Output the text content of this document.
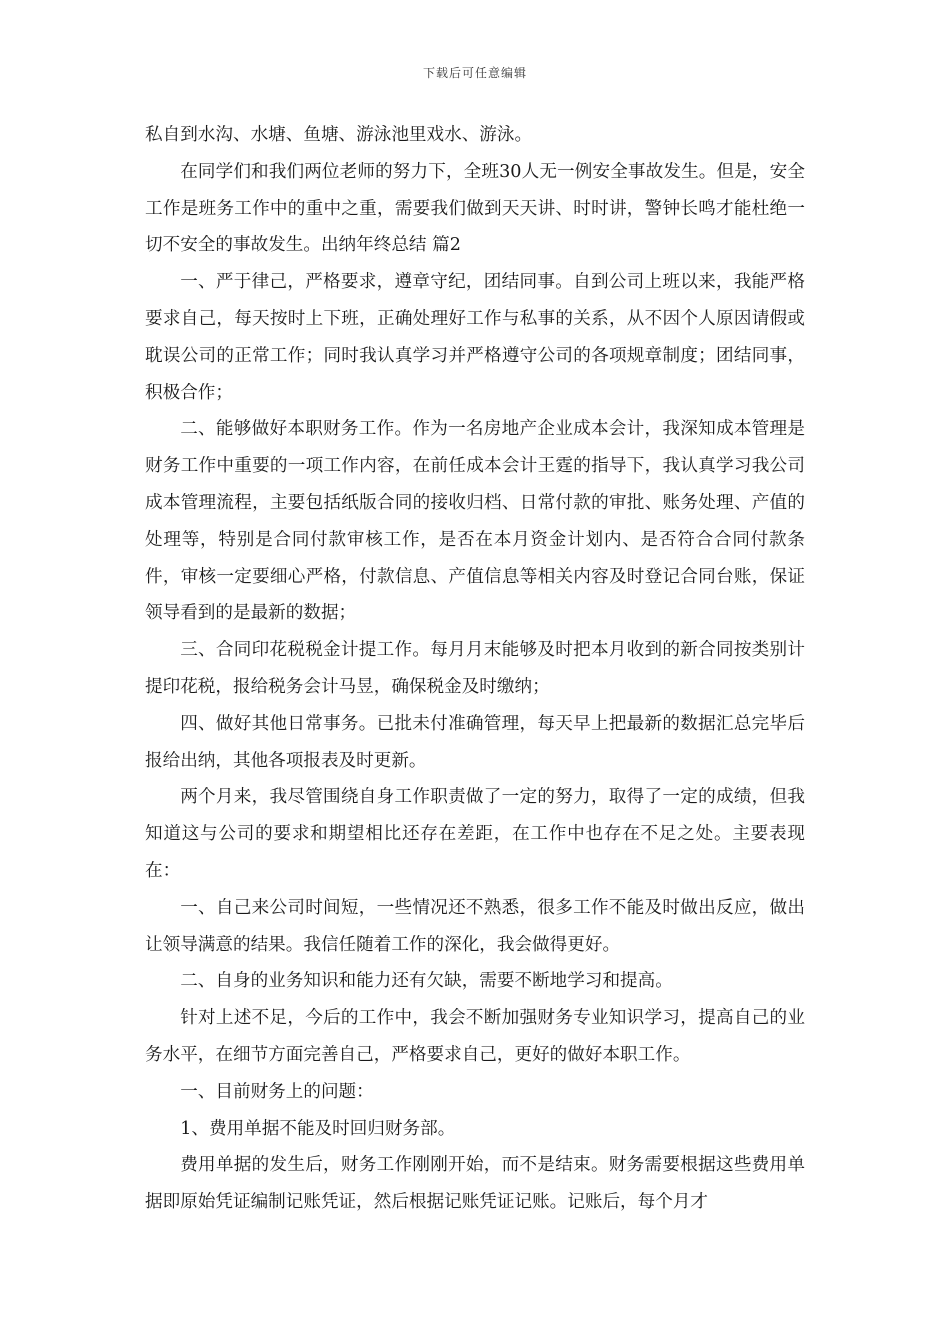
下载后可任意编辑

私自到水沟、水塘、鱼塘、游泳池里戏水、游泳。

在同学们和我们两位老师的努力下，全班30人无一例安全事故发生。但是，安全工作是班务工作中的重中之重，需要我们做到天天讲、时时讲，警钟长鸣才能杜绝一切不安全的事故发生。出纳年终总结 篇2

一、严于律己，严格要求，遵章守纪，团结同事。自到公司上班以来，我能严格要求自己，每天按时上下班，正确处理好工作与私事的关系，从不因个人原因请假或耽误公司的正常工作；同时我认真学习并严格遵守公司的各项规章制度；团结同事，积极合作；

二、能够做好本职财务工作。作为一名房地产企业成本会计，我深知成本管理是财务工作中重要的一项工作内容，在前任成本会计王霆的指导下，我认真学习我公司成本管理流程，主要包括纸版合同的接收归档、日常付款的审批、账务处理、产值的处理等，特别是合同付款审核工作，是否在本月资金计划内、是否符合合同付款条件，审核一定要细心严格，付款信息、产值信息等相关内容及时登记合同台账，保证领导看到的是最新的数据；

三、合同印花税税金计提工作。每月月末能够及时把本月收到的新合同按类别计提印花税，报给税务会计马昱，确保税金及时缴纳；

四、做好其他日常事务。已批未付准确管理，每天早上把最新的数据汇总完毕后报给出纳，其他各项报表及时更新。

两个月来，我尽管围绕自身工作职责做了一定的努力，取得了一定的成绩，但我知道这与公司的要求和期望相比还存在差距，在工作中也存在不足之处。主要表现在：

一、自己来公司时间短，一些情况还不熟悉，很多工作不能及时做出反应，做出让领导满意的结果。我信任随着工作的深化，我会做得更好。

二、自身的业务知识和能力还有欠缺，需要不断地学习和提高。

针对上述不足，今后的工作中，我会不断加强财务专业知识学习，提高自己的业务水平，在细节方面完善自己，严格要求自己，更好的做好本职工作。

一、目前财务上的问题：

1、费用单据不能及时回归财务部。

费用单据的发生后，财务工作刚刚开始，而不是结束。财务需要根据这些费用单据即原始凭证编制记账凭证，然后根据记账凭证记账。记账后，每个月才
